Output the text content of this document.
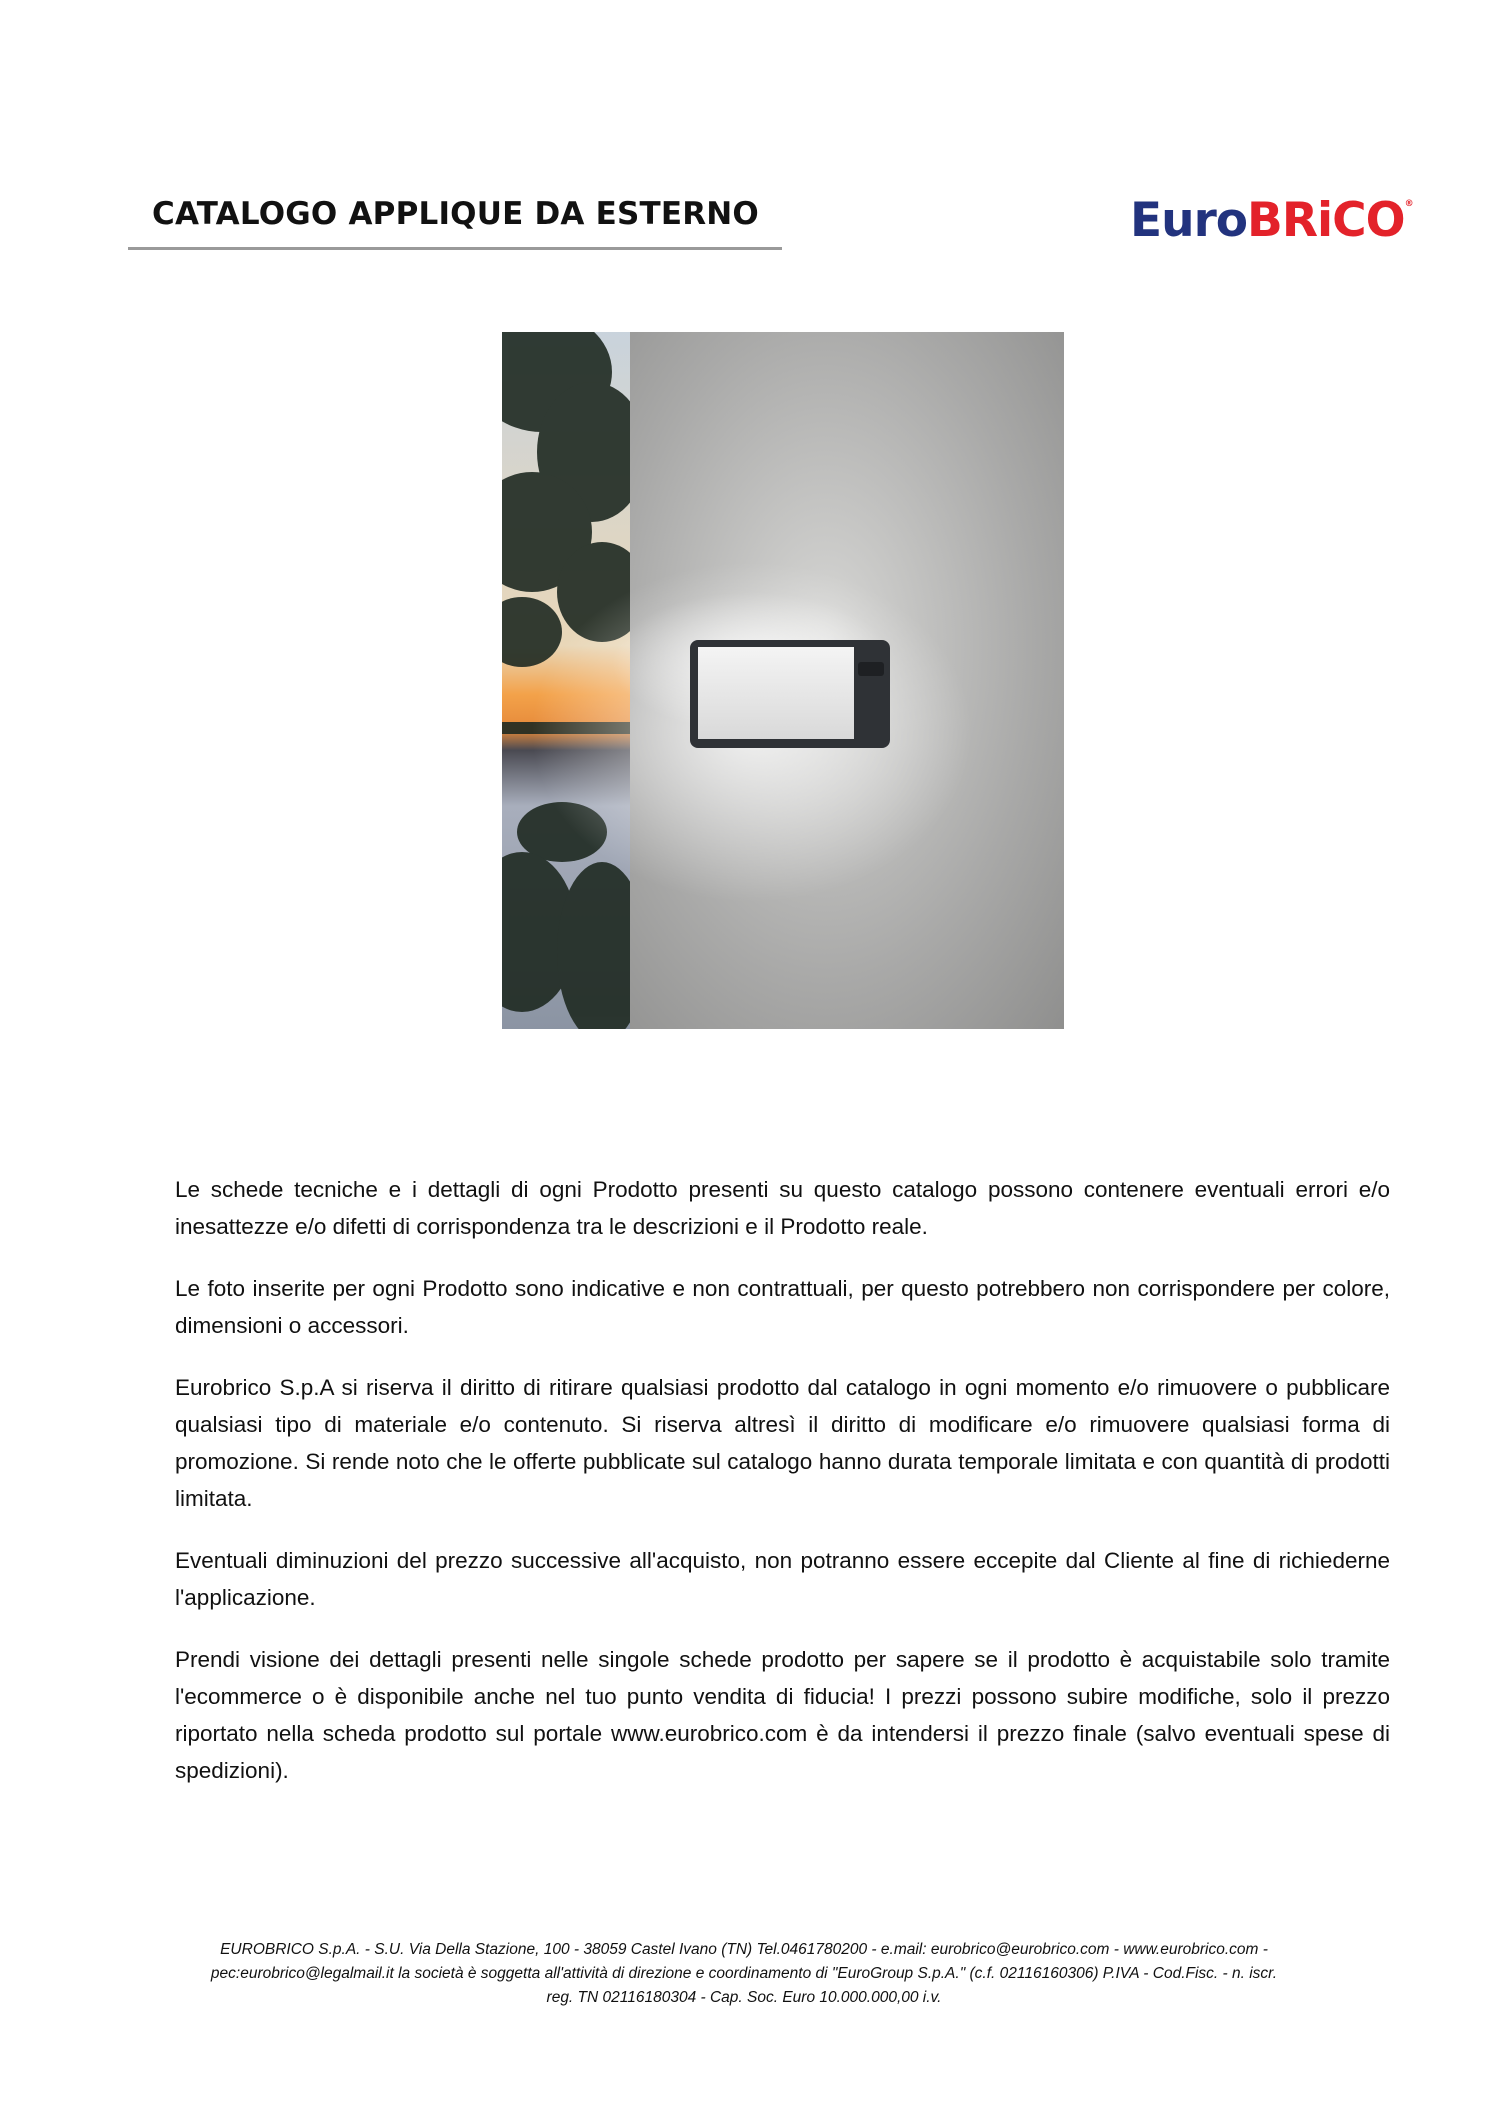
CATALOGO APPLIQUE DA ESTERNO	EuroBRiCO®

Le schede tecniche e i dettagli di ogni Prodotto presenti su questo catalogo possono contenere eventuali errori e/o inesattezze e/o difetti di corrispondenza tra le descrizioni e il Prodotto reale.

Le foto inserite per ogni Prodotto sono indicative e non contrattuali, per questo potrebbero non corrispondere per colore, dimensioni o accessori.

Eurobrico S.p.A si riserva il diritto di ritirare qualsiasi prodotto dal catalogo in ogni momento e/o rimuovere o pubblicare qualsiasi tipo di materiale e/o contenuto. Si riserva altresì il diritto di modificare e/o rimuovere qualsiasi forma di promozione. Si rende noto che le offerte pubblicate sul catalogo hanno durata temporale limitata e con quantità di prodotti limitata.

Eventuali diminuzioni del prezzo successive all'acquisto, non potranno essere eccepite dal Cliente al fine di richiederne l'applicazione.

Prendi visione dei dettagli presenti nelle singole schede prodotto per sapere se il prodotto è acquistabile solo tramite l'ecommerce o è disponibile anche nel tuo punto vendita di fiducia! I prezzi possono subire modifiche, solo il prezzo riportato nella scheda prodotto sul portale www.eurobrico.com è da intendersi il prezzo finale (salvo eventuali spese di spedizioni).

EUROBRICO S.p.A. - S.U. Via Della Stazione, 100 - 38059 Castel Ivano (TN) Tel.0461780200 - e.mail: eurobrico@eurobrico.com - www.eurobrico.com -
pec:eurobrico@legalmail.it la società è soggetta all'attività di direzione e coordinamento di "EuroGroup S.p.A." (c.f. 02116160306) P.IVA - Cod.Fisc. - n. iscr.
reg. TN 02116180304 - Cap. Soc. Euro 10.000.000,00 i.v.
